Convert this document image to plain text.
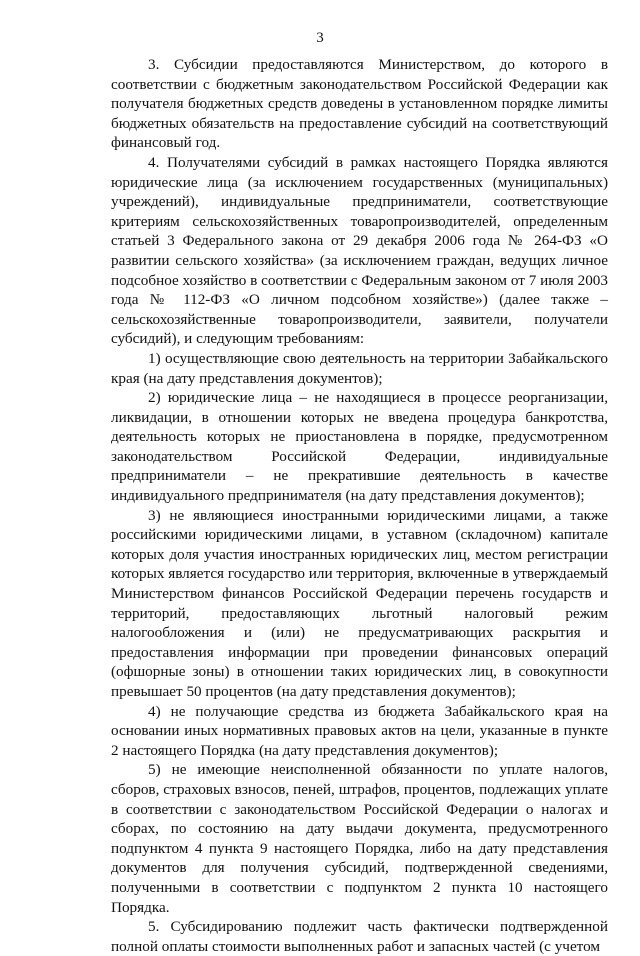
3

3. Субсидии предоставляются Министерством, до которого в соответствии с бюджетным законодательством Российской Федерации как получателя бюджетных средств доведены в установленном порядке лимиты бюджетных обязательств на предоставление субсидий на соответствующий финансовый год.

4. Получателями субсидий в рамках настоящего Порядка являются юридические лица (за исключением государственных (муниципальных) учреждений), индивидуальные предприниматели, соответствующие критериям сельскохозяйственных товаропроизводителей, определенным статьей 3 Федерального закона от 29 декабря 2006 года № 264-ФЗ «О развитии сельского хозяйства» (за исключением граждан, ведущих личное подсобное хозяйство в соответствии с Федеральным законом от 7 июля 2003 года № 112-ФЗ «О личном подсобном хозяйстве») (далее также – сельскохозяйственные товаропроизводители, заявители, получатели субсидий), и следующим требованиям:

1) осуществляющие свою деятельность на территории Забайкальского края (на дату представления документов);

2) юридические лица – не находящиеся в процессе реорганизации, ликвидации, в отношении которых не введена процедура банкротства, деятельность которых не приостановлена в порядке, предусмотренном законодательством Российской Федерации, индивидуальные предприниматели – не прекратившие деятельность в качестве индивидуального предпринимателя (на дату представления документов);

3) не являющиеся иностранными юридическими лицами, а также российскими юридическими лицами, в уставном (складочном) капитале которых доля участия иностранных юридических лиц, местом регистрации которых является государство или территория, включенные в утверждаемый Министерством финансов Российской Федерации перечень государств и территорий, предоставляющих льготный налоговый режим налогообложения и (или) не предусматривающих раскрытия и предоставления информации при проведении финансовых операций (офшорные зоны) в отношении таких юридических лиц, в совокупности превышает 50 процентов (на дату представления документов);

4) не получающие средства из бюджета Забайкальского края на основании иных нормативных правовых актов на цели, указанные в пункте 2 настоящего Порядка (на дату представления документов);

5) не имеющие неисполненной обязанности по уплате налогов, сборов, страховых взносов, пеней, штрафов, процентов, подлежащих уплате в соответствии с законодательством Российской Федерации о налогах и сборах, по состоянию на дату выдачи документа, предусмотренного подпунктом 4 пункта 9 настоящего Порядка, либо на дату представления документов для получения субсидий, подтвержденной сведениями, полученными в соответствии с подпунктом 2 пункта 10 настоящего Порядка.

5. Субсидированию подлежит часть фактически подтвержденной полной оплаты стоимости выполненных работ и запасных частей (с учетом
